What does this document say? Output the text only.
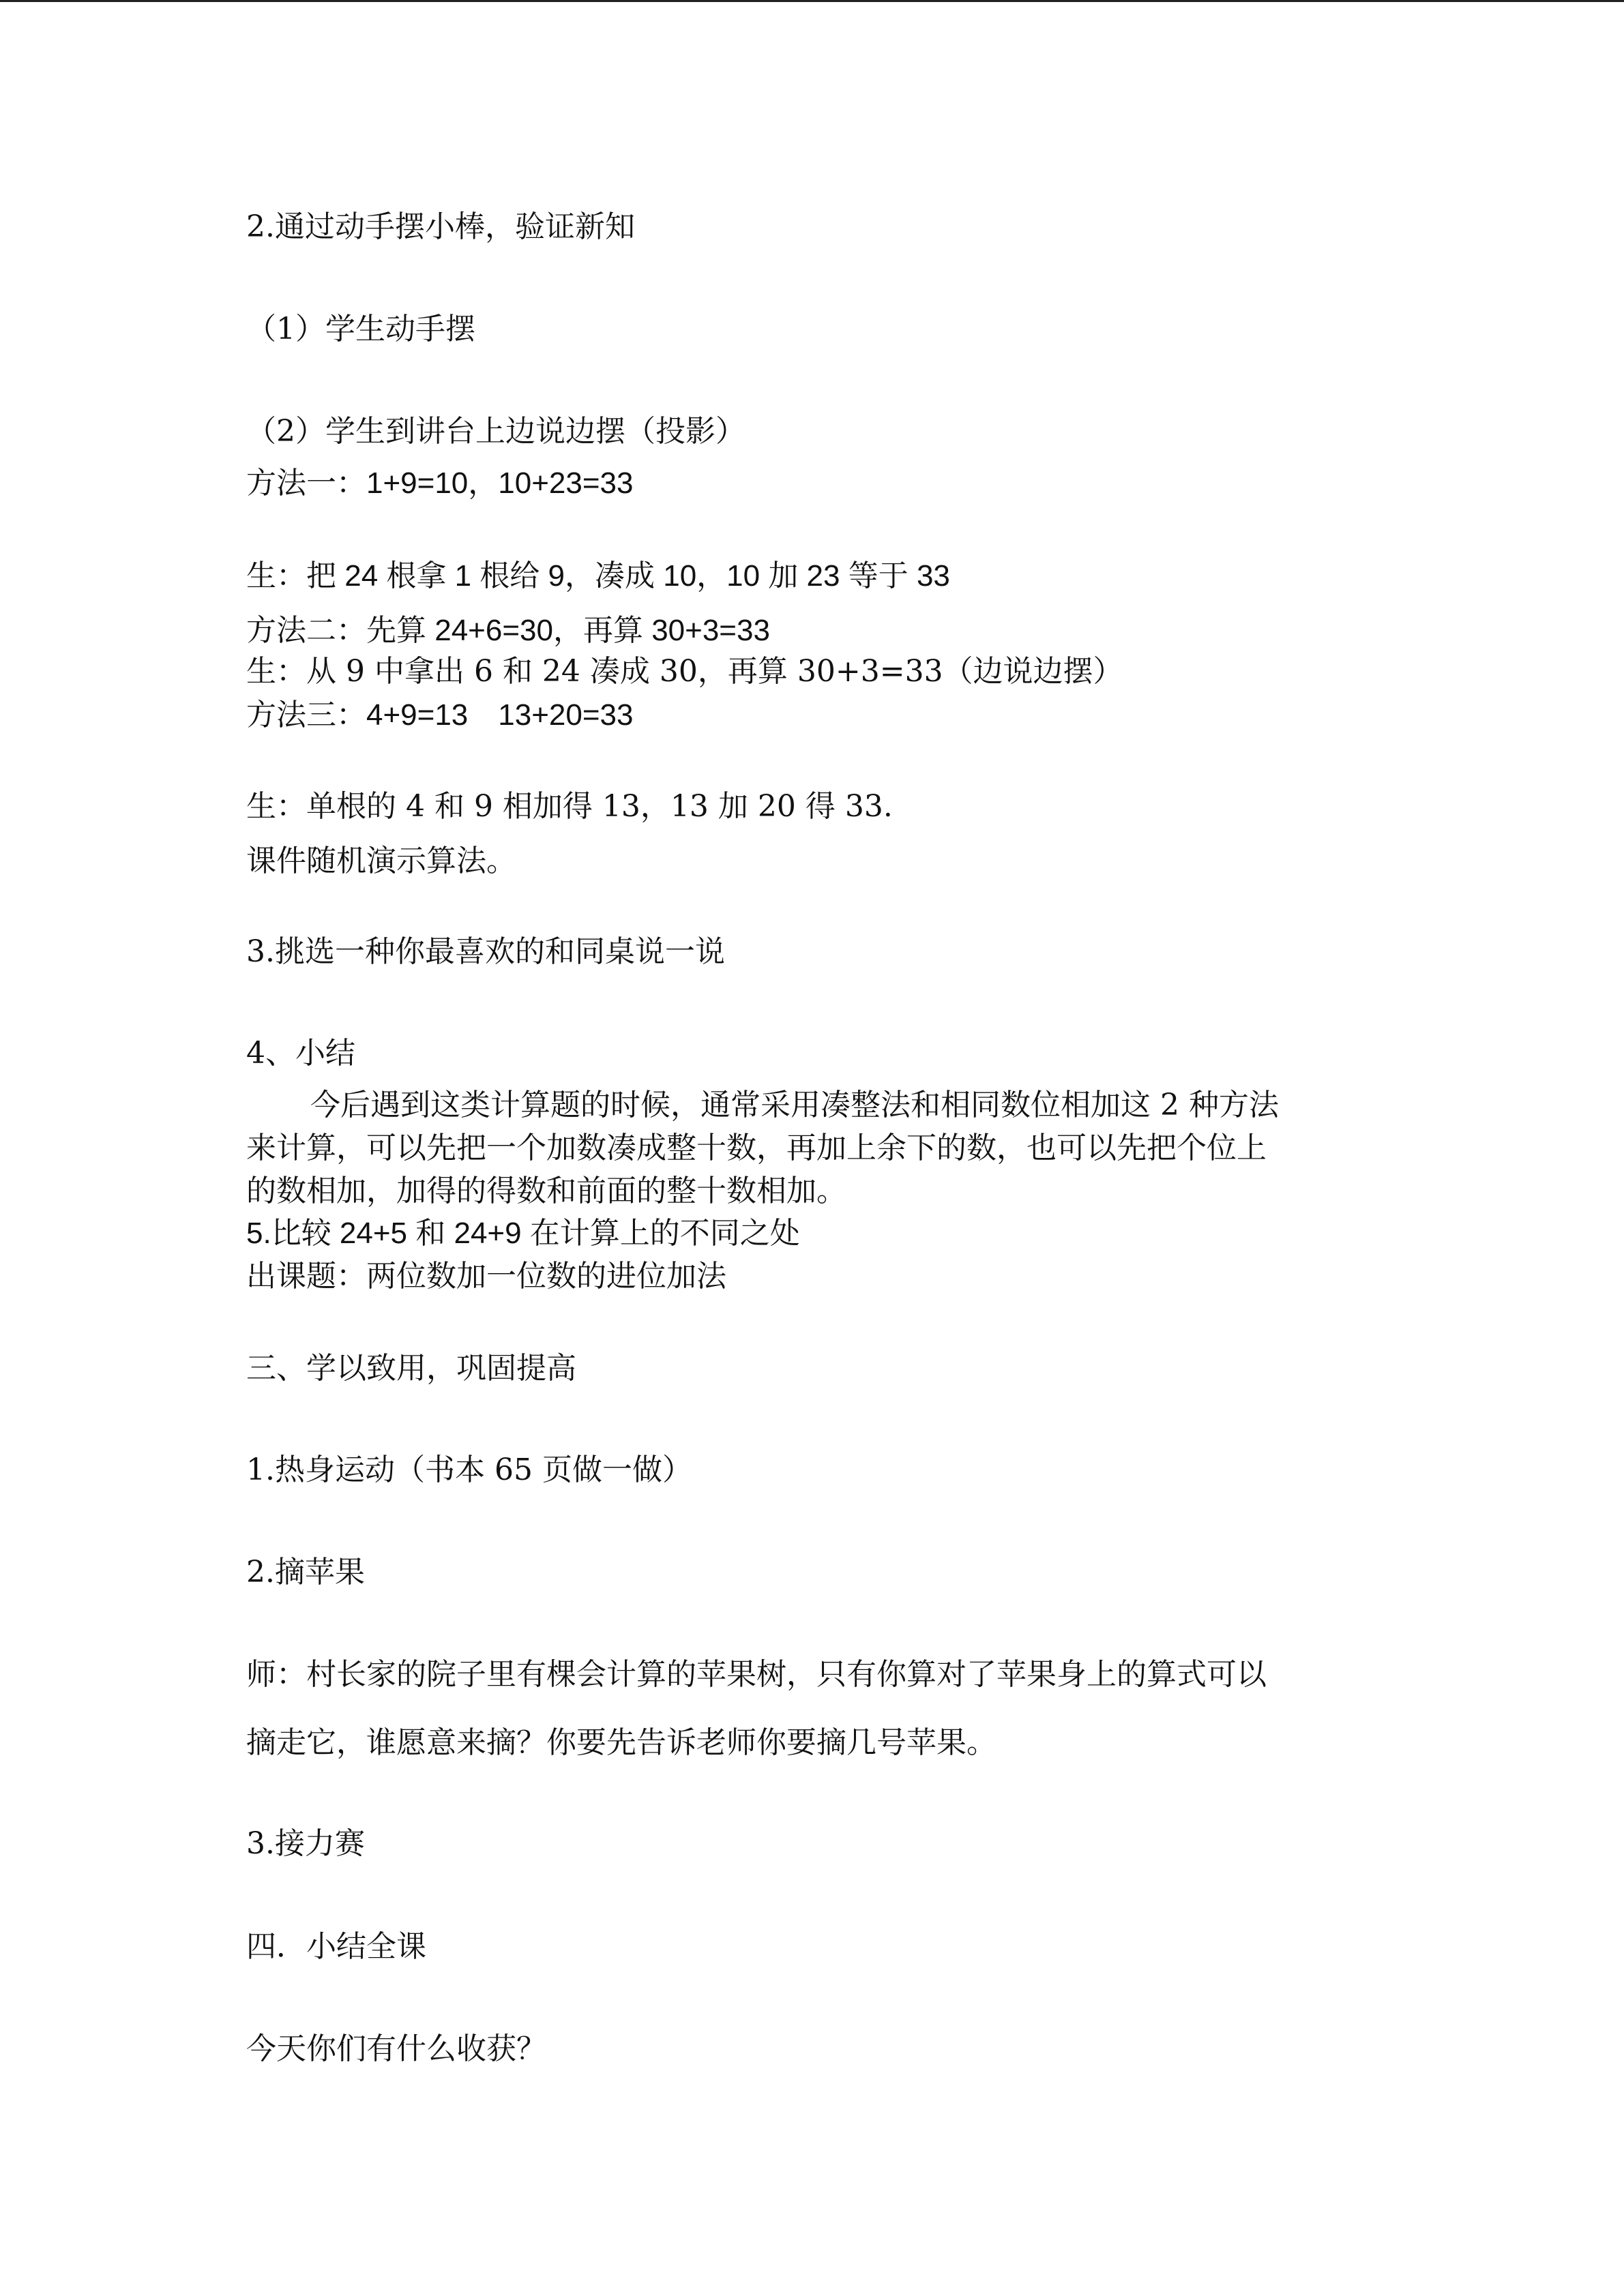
2.通过动手摆小棒，验证新知
（1）学生动手摆
（2）学生到讲台上边说边摆（投影）
方法一：1+9=10，10+23=33
生：把 24 根拿 1 根给 9，凑成 10，10 加 23 等于 33
方法二：先算 24+6=30，再算 30+3=33
生：从 9 中拿出 6 和 24 凑成 30，再算 30+3=33（边说边摆）
方法三：4+9=13　13+20=33
生：单根的 4 和 9 相加得 13，13 加 20 得 33.
课件随机演示算法。
3.挑选一种你最喜欢的和同桌说一说
4、小结
今后遇到这类计算题的时候，通常采用凑整法和相同数位相加这 2 种方法
来计算，可以先把一个加数凑成整十数，再加上余下的数，也可以先把个位上
的数相加，加得的得数和前面的整十数相加。
5.比较 24+5 和 24+9 在计算上的不同之处
出课题：两位数加一位数的进位加法
三、学以致用，巩固提高
1.热身运动（书本 65 页做一做）
2.摘苹果
师：村长家的院子里有棵会计算的苹果树，只有你算对了苹果身上的算式可以
摘走它，谁愿意来摘？你要先告诉老师你要摘几号苹果。
3.接力赛
四．小结全课
今天你们有什么收获？
